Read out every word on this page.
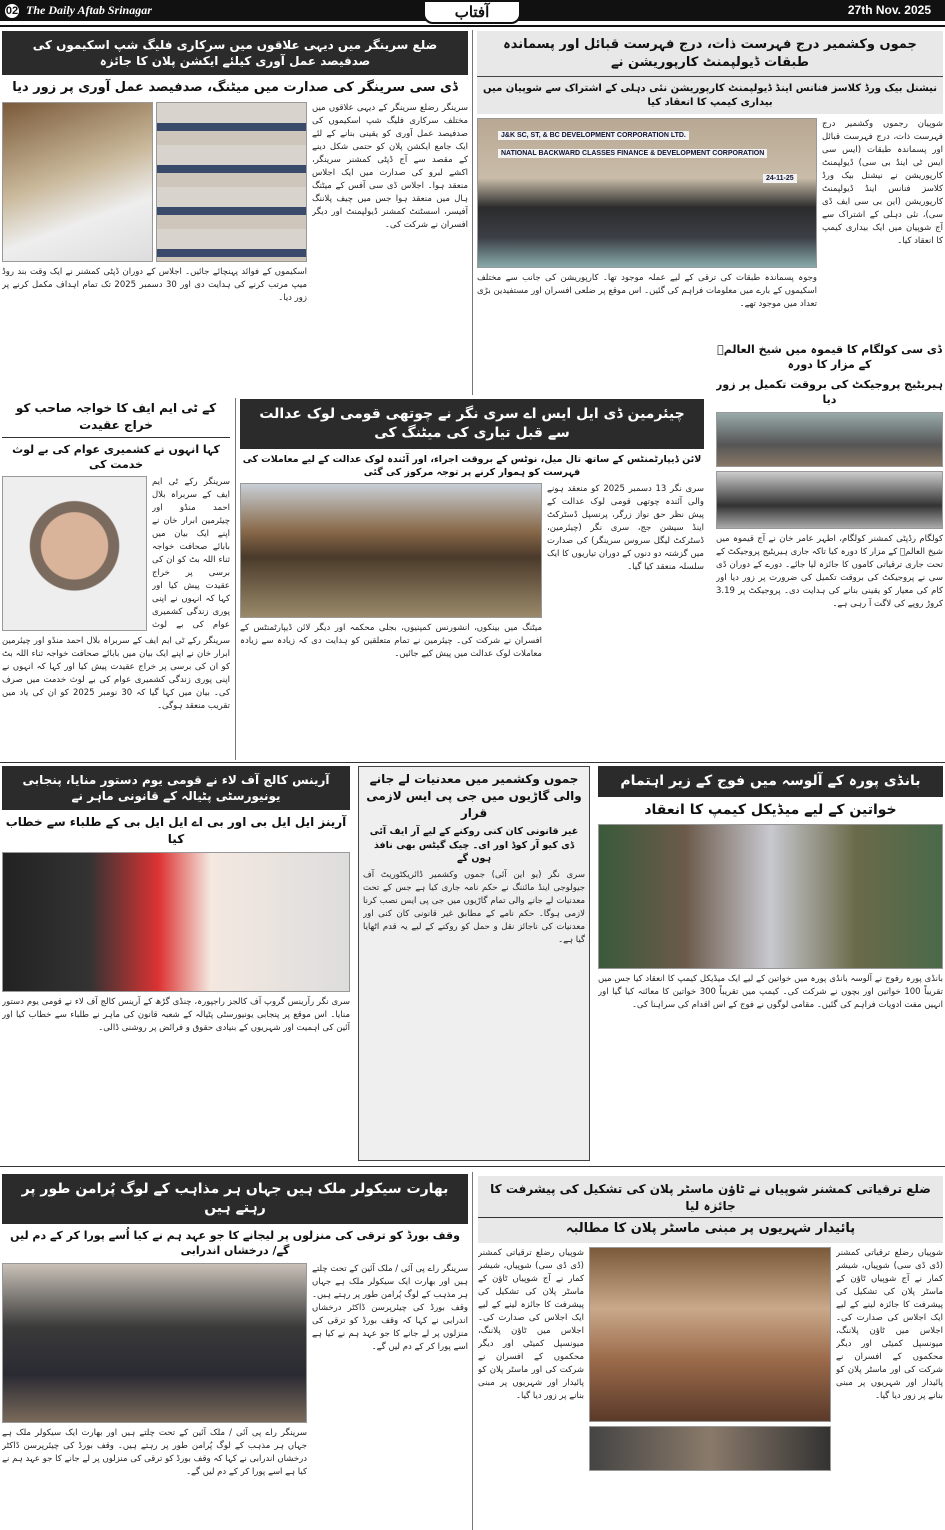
02 The Daily Aftab Srinagar	آفتاب	27th Nov. 2025
ضلع سرینگر میں دیہی علاقوں میں سرکاری فلیگ شپ اسکیموں کی صدفیصد عمل آوری کیلئے ایکشن پلان کا جائزہ
ڈی سی سرینگر کی صدارت میں میٹنگ، صدفیصد عمل آوری پر زور دیا
اسکیموں کے فوائد پہنچائے جائیں۔ اجلاس کے دوران ڈپٹی کمشنر نے ایک وقت بند روڈ میپ مرتب کرنے کی ہدایت دی اور 30 دسمبر 2025 تک تمام اہداف مکمل کرنے پر زور دیا۔
سرینگر رضلع سرینگر کے دیہی علاقوں میں مختلف سرکاری فلیگ شپ اسکیموں کی صدفیصد عمل آوری کو یقینی بنانے کے لئے ایک جامع ایکشن پلان کو حتمی شکل دینے کے مقصد سے آج ڈپٹی کمشنر سرینگر، اکشے لبرو کی صدارت میں ایک اجلاس منعقد ہوا۔ اجلاس ڈی سی آفس کے میٹنگ ہال میں منعقد ہوا جس میں چیف پلاننگ آفیسر، اسسٹنٹ کمشنر ڈیولپمنٹ اور دیگر افسران نے شرکت کی۔
جموں وکشمیر درج فہرست ذات، درج فہرست قبائل اور پسماندہ طبقات ڈیولپمنٹ کارپوریشن نے
نیشنل بیک ورڈ کلاسز فنانس اینڈ ڈیولپمنٹ کارپوریشن نئی دہلی کے اشتراک سے شوپیان میں بیداری کیمپ کا انعقاد کیا
J&K SC, ST, & BC DEVELOPMENT CORPORATION LTD.
NATIONAL BACKWARD CLASSES FINANCE & DEVELOPMENT CORPORATION
24-11-25
وجوہ پسماندہ طبقات کی ترقی کے لیے عملہ موجود تھا۔ کارپوریشن کی جانب سے مختلف اسکیموں کے بارے میں معلومات فراہم کی گئیں۔ اس موقع پر ضلعی افسران اور مستفیدین بڑی تعداد میں موجود تھے۔
شوپیان رجموں وکشمیر درج فہرست ذات، درج فہرست قبائل اور پسماندہ طبقات (ایس سی ایس ٹی اینڈ بی سی) ڈیولپمنٹ کارپوریشن نے نیشنل بیک ورڈ کلاسز فنانس اینڈ ڈیولپمنٹ کارپوریشن (این بی سی ایف ڈی سی)، نئی دہلی کے اشتراک سے آج شوپیان میں ایک بیداری کیمپ کا انعقاد کیا۔
ڈی سی کولگام کا قیموہ میں شیخ العالمؒ کے مزار کا دورہ
ہیریٹیج پروجیکٹ کی بروقت تکمیل پر زور دیا
کولگام رڈپٹی کمشنر کولگام، اطہر عامر خان نے آج قیموہ میں شیخ العالمؒ کے مزار کا دورہ کیا تاکہ جاری ہیریٹیج پروجیکٹ کے تحت جاری ترقیاتی کاموں کا جائزہ لیا جائے۔ دورے کے دوران ڈی سی نے پروجیکٹ کی بروقت تکمیل کی ضرورت پر زور دیا اور کام کی معیار کو یقینی بنانے کی ہدایت دی۔ پروجیکٹ پر 3.19 کروڑ روپے کی لاگت آ رہی ہے۔
کے ٹی ایم ایف کا خواجہ صاحب کو خراج عقیدت
کہا انہوں نے کشمیری عوام کی بے لوث خدمت کی
سرینگر رکے ٹی ایم ایف کے سربراہ بلال احمد منڈو اور چیئرمین ابرار خان نے اپنے ایک بیان میں بابائے صحافت خواجہ ثناء اللہ بٹ کو ان کی برسی پر خراج عقیدت پیش کیا اور کہا کہ انہوں نے اپنی پوری زندگی کشمیری عوام کی بے لوث
سرینگر رکے ٹی ایم ایف کے سربراہ بلال احمد منڈو اور چیئرمین ابرار خان نے اپنے ایک بیان میں بابائے صحافت خواجہ ثناء اللہ بٹ کو ان کی برسی پر خراج عقیدت پیش کیا اور کہا کہ انہوں نے اپنی پوری زندگی کشمیری عوام کی بے لوث خدمت میں صرف کی۔ بیان میں کہا گیا کہ 30 نومبر 2025 کو ان کی یاد میں تقریب منعقد ہوگی۔
چیئرمین ڈی ایل ایس اے سری نگر نے چوتھی قومی لوک عدالت سے قبل تیاری کی میٹنگ کی
لائن ڈیپارٹمنٹس کے ساتھ تال میل، نوٹس کے بروقت اجراء، اور آئندہ لوک عدالت کے لیے معاملات کی فہرست کو ہموار کرنے پر توجہ مرکوز کی گئی
میٹنگ میں بینکوں، انشورنس کمپنیوں، بجلی محکمہ اور دیگر لائن ڈیپارٹمنٹس کے افسران نے شرکت کی۔ چیئرمین نے تمام متعلقین کو ہدایت دی کہ زیادہ سے زیادہ معاملات لوک عدالت میں پیش کیے جائیں۔
سری نگر 13 دسمبر 2025 کو منعقد ہونے والی آئندہ چوتھی قومی لوک عدالت کے پیش نظر حق نواز زرگر، پرنسپل ڈسٹرکٹ اینڈ سیشن جج، سری نگر (چیئرمین، ڈسٹرکٹ لیگل سروس سرینگر) کی صدارت میں گزشتہ دو دنوں کے دوران تیاریوں کا ایک سلسلہ منعقد کیا گیا۔
آرینس کالج آف لاء نے قومی یوم دستور منایا، پنجابی یونیورسٹی پٹیالہ کے قانونی ماہر نے
آرینز ایل ایل بی اور بی اے ایل ایل بی کے طلباء سے خطاب کیا
سری نگر رآرینس گروپ آف کالجز راجپورہ، چنڈی گڑھ کے آرینس کالج آف لاء نے قومی یوم دستور منایا۔ اس موقع پر پنجابی یونیورسٹی پٹیالہ کے شعبہ قانون کی ماہر نے طلباء سے خطاب کیا اور آئین کی اہمیت اور شہریوں کے بنیادی حقوق و فرائض پر روشنی ڈالی۔
جموں وکشمیر میں معدنیات لے جانے والی گاڑیوں میں جی پی ایس لازمی قرار
غیر قانونی کان کنی روکنے کے لیے آر ایف آئی ڈی کیو آر کوڈ اور ای۔ چیک گیٹس بھی نافذ ہوں گے
سری نگر (یو این آئی) جموں وکشمیر ڈائریکٹوریٹ آف جیولوجی اینڈ مائننگ نے حکم نامہ جاری کیا ہے جس کے تحت معدنیات لے جانے والی تمام گاڑیوں میں جی پی ایس نصب کرنا لازمی ہوگا۔ حکم نامے کے مطابق غیر قانونی کان کنی اور معدنیات کی ناجائز نقل و حمل کو روکنے کے لیے یہ قدم اٹھایا گیا ہے۔
بانڈی پورہ کے آلوسہ میں فوج کے زیر اہتمام
خواتین کے لیے میڈیکل کیمپ کا انعقاد
بانڈی پورہ رفوج نے آلوسہ بانڈی پورہ میں خواتین کے لیے ایک میڈیکل کیمپ کا انعقاد کیا جس میں تقریباً 100 خواتین اور بچوں نے شرکت کی۔ کیمپ میں تقریباً 300 خواتین کا معائنہ کیا گیا اور انہیں مفت ادویات فراہم کی گئیں۔ مقامی لوگوں نے فوج کے اس اقدام کی سراہنا کی۔
بھارت سیکولر ملک ہیں جہاں ہر مذاہب کے لوگ پُرامن طور پر رہتے ہیں
وقف بورڈ کو ترقی کی منزلوں پر لیجانے کا جو عہد ہم نے کیا اُسے پورا کر کے دم لیں گے/ درخشاں اندرابی
سرینگر راے پی آئی / ملک آئین کے تحت چلتے ہیں اور بھارت ایک سیکولر ملک ہے جہاں ہر مذہب کے لوگ پُرامن طور پر رہتے ہیں۔ وقف بورڈ کی چیئرپرسن ڈاکٹر درخشاں اندرابی نے کہا کہ وقف بورڈ کو ترقی کی منزلوں پر لے جانے کا جو عہد ہم نے کیا ہے اسے پورا کر کے دم لیں گے۔
سرینگر راے پی آئی / ملک آئین کے تحت چلتے ہیں اور بھارت ایک سیکولر ملک ہے جہاں ہر مذہب کے لوگ پُرامن طور پر رہتے ہیں۔ وقف بورڈ کی چیئرپرسن ڈاکٹر درخشاں اندرابی نے کہا کہ وقف بورڈ کو ترقی کی منزلوں پر لے جانے کا جو عہد ہم نے کیا ہے اسے پورا کر کے دم لیں گے۔
ضلع ترقیاتی کمشنر شوپیاں نے ٹاؤن ماسٹر پلان کی تشکیل کی پیشرفت کا جائزہ لیا
پائیدار شہریوں پر مبنی ماسٹر پلان کا مطالبہ
شوپیاں رضلع ترقیاتی کمشنر (ڈی ڈی سی) شوپیاں، شیشر کمار نے آج شوپیاں ٹاؤن کے ماسٹر پلان کی تشکیل کی پیشرفت کا جائزہ لینے کے لیے ایک اجلاس کی صدارت کی۔ اجلاس میں ٹاؤن پلاننگ، میونسپل کمیٹی اور دیگر محکموں کے افسران نے شرکت کی اور ماسٹر پلان کو پائیدار اور شہریوں پر مبنی بنانے پر زور دیا گیا۔
شوپیاں رضلع ترقیاتی کمشنر (ڈی ڈی سی) شوپیاں، شیشر کمار نے آج شوپیاں ٹاؤن کے ماسٹر پلان کی تشکیل کی پیشرفت کا جائزہ لینے کے لیے ایک اجلاس کی صدارت کی۔ اجلاس میں ٹاؤن پلاننگ، میونسپل کمیٹی اور دیگر محکموں کے افسران نے شرکت کی اور ماسٹر پلان کو پائیدار اور شہریوں پر مبنی بنانے پر زور دیا گیا۔
